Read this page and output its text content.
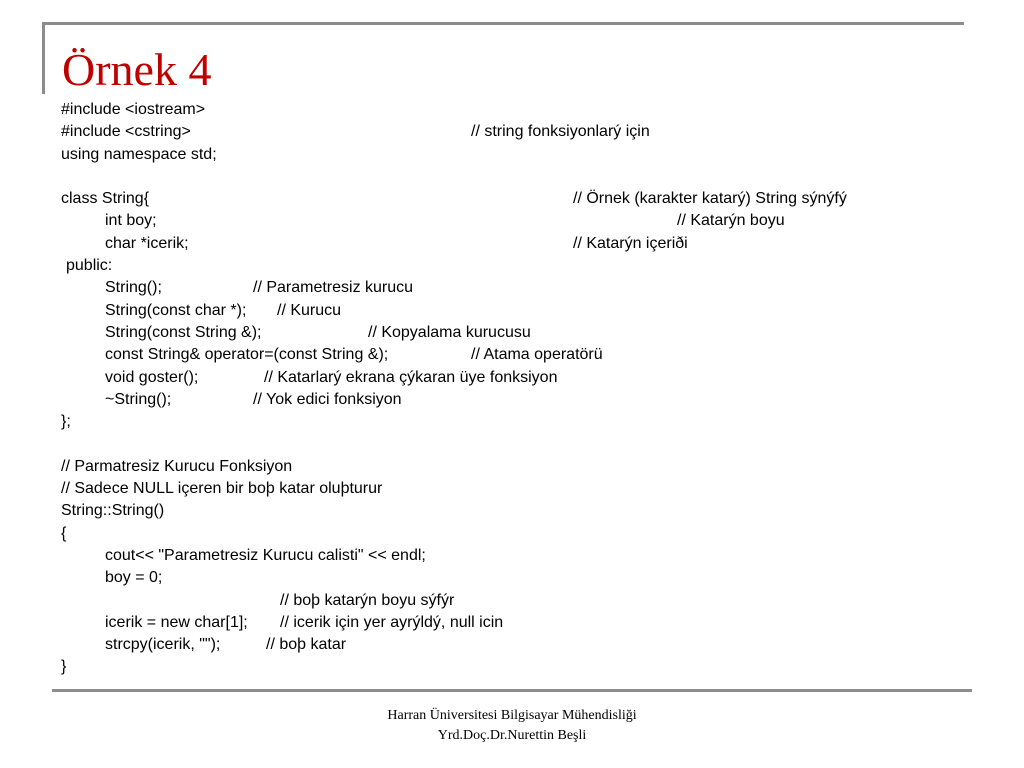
Örnek 4
#include <iostream>
#include <cstring>	// string fonksiyonlarý için
using namespace std;
class String{	// Örnek (karakter katarý) String sýnýfý
int boy;	// Katarýn boyu
char *icerik;	// Katarýn içeriði
public:
String();	// Parametresiz kurucu
String(const char *); // Kurucu
String(const String &);	// Kopyalama kurucusu
const String& operator=(const String &);	// Atama operatörü
void goster();	// Katarlarý ekrana çýkaran üye fonksiyon
~String();	// Yok edici fonksiyon
};
// Parmatresiz Kurucu Fonksiyon
// Sadece NULL içeren bir boþ katar oluþturur
String::String()
{
cout<< "Parametresiz Kurucu calisti" << endl;
boy = 0;
// boþ katarýn boyu sýfýr
icerik = new char[1]; // icerik için yer ayrýldý, null icin
strcpy(icerik, "");	// boþ katar
}
Harran Üniversitesi Bilgisayar Mühendisliği
Yrd.Doç.Dr.Nurettin Beşli
